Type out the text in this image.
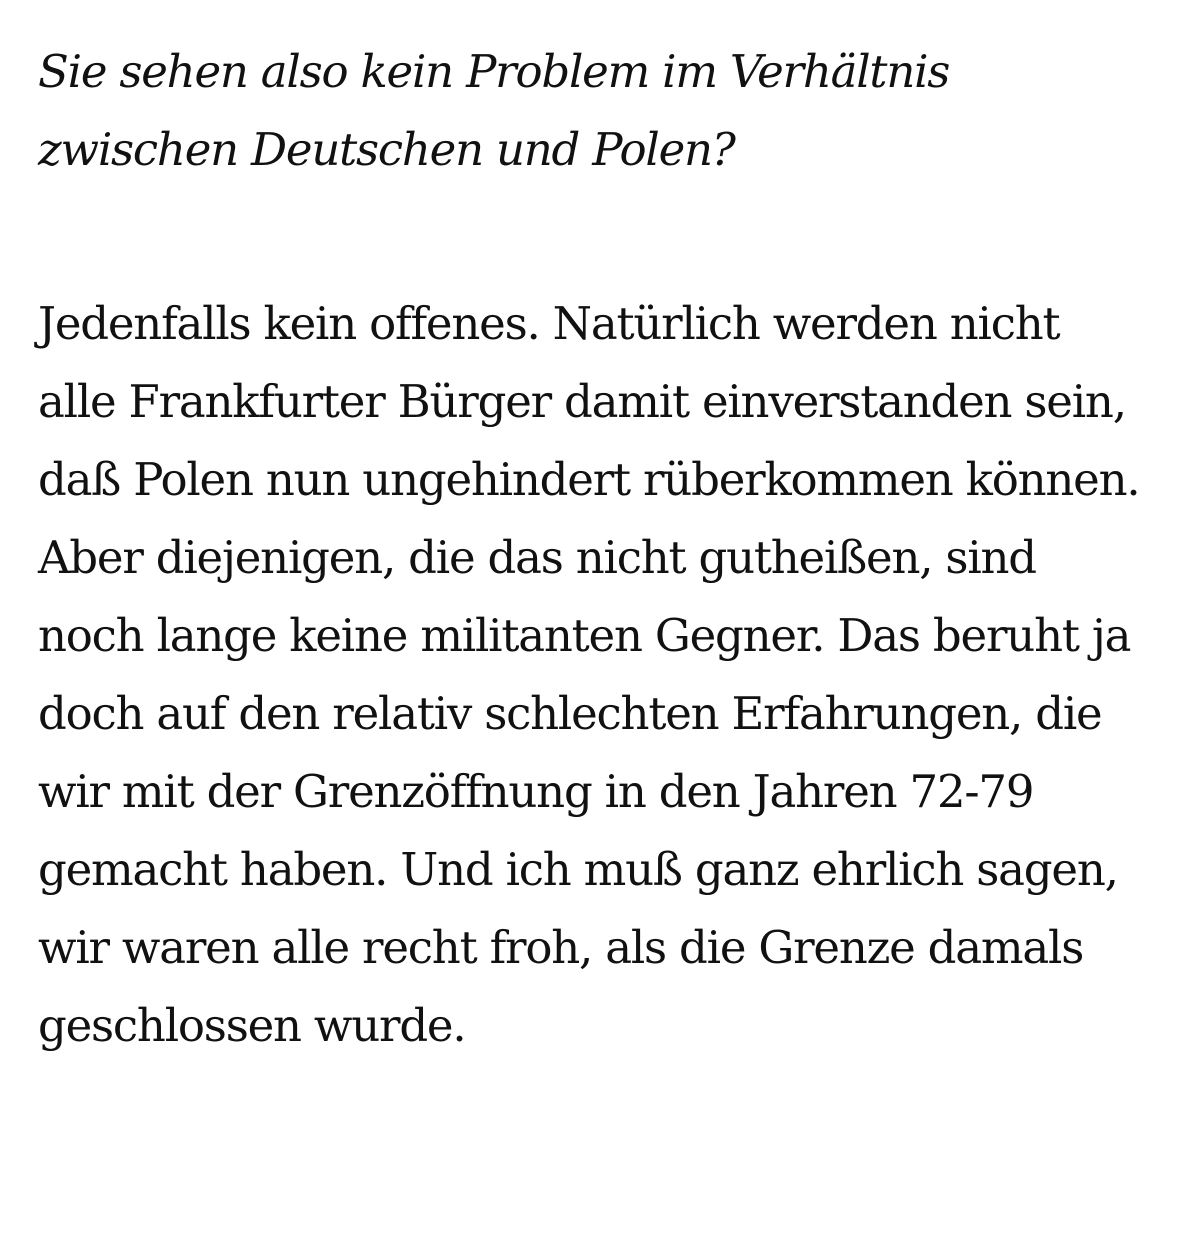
Sie sehen also kein Problem im Verhältnis zwischen Deutschen und Polen?

Jedenfalls kein offenes. Natürlich werden nicht alle Frankfurter Bürger damit einverstanden sein, daß Polen nun ungehindert rüberkommen können. Aber diejenigen, die das nicht gutheißen, sind noch lange keine militanten Gegner. Das beruht ja doch auf den relativ schlechten Erfahrungen, die wir mit der Grenzöffnung in den Jahren 72-79 gemacht haben. Und ich muß ganz ehrlich sagen, wir waren alle recht froh, als die Grenze damals geschlossen wurde.
